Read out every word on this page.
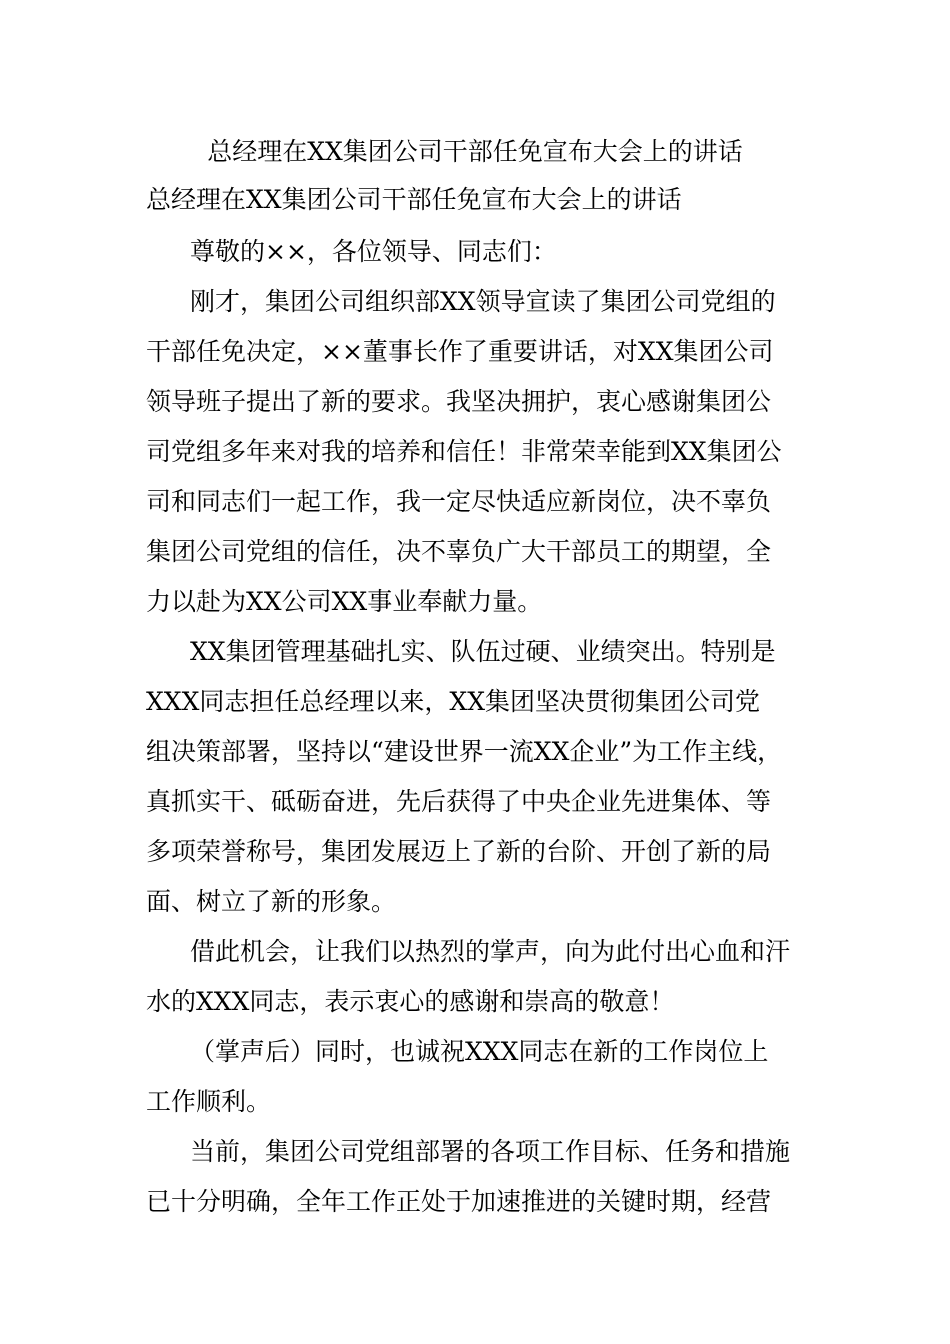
总经理在XX集团公司干部任免宣布大会上的讲话
总经理在XX集团公司干部任免宣布大会上的讲话

尊敬的××，各位领导、同志们：

刚才，集团公司组织部XX领导宣读了集团公司党组的
干部任免决定，××董事长作了重要讲话，对XX集团公司
领导班子提出了新的要求。我坚决拥护，衷心感谢集团公
司党组多年来对我的培养和信任！非常荣幸能到XX集团公
司和同志们一起工作，我一定尽快适应新岗位，决不辜负
集团公司党组的信任，决不辜负广大干部员工的期望，全
力以赴为XX公司XX事业奉献力量。

XX集团管理基础扎实、队伍过硬、业绩突出。特别是
XXX同志担任总经理以来，XX集团坚决贯彻集团公司党
组决策部署，坚持以“建设世界一流XX企业”为工作主线，
真抓实干、砥砺奋进，先后获得了中央企业先进集体、等
多项荣誉称号，集团发展迈上了新的台阶、开创了新的局
面、树立了新的形象。

借此机会，让我们以热烈的掌声，向为此付出心血和汗
水的XXX同志，表示衷心的感谢和崇高的敬意！

（掌声后）同时，也诚祝XXX同志在新的工作岗位上
工作顺利。

当前，集团公司党组部署的各项工作目标、任务和措施
已十分明确，全年工作正处于加速推进的关键时期，经营
